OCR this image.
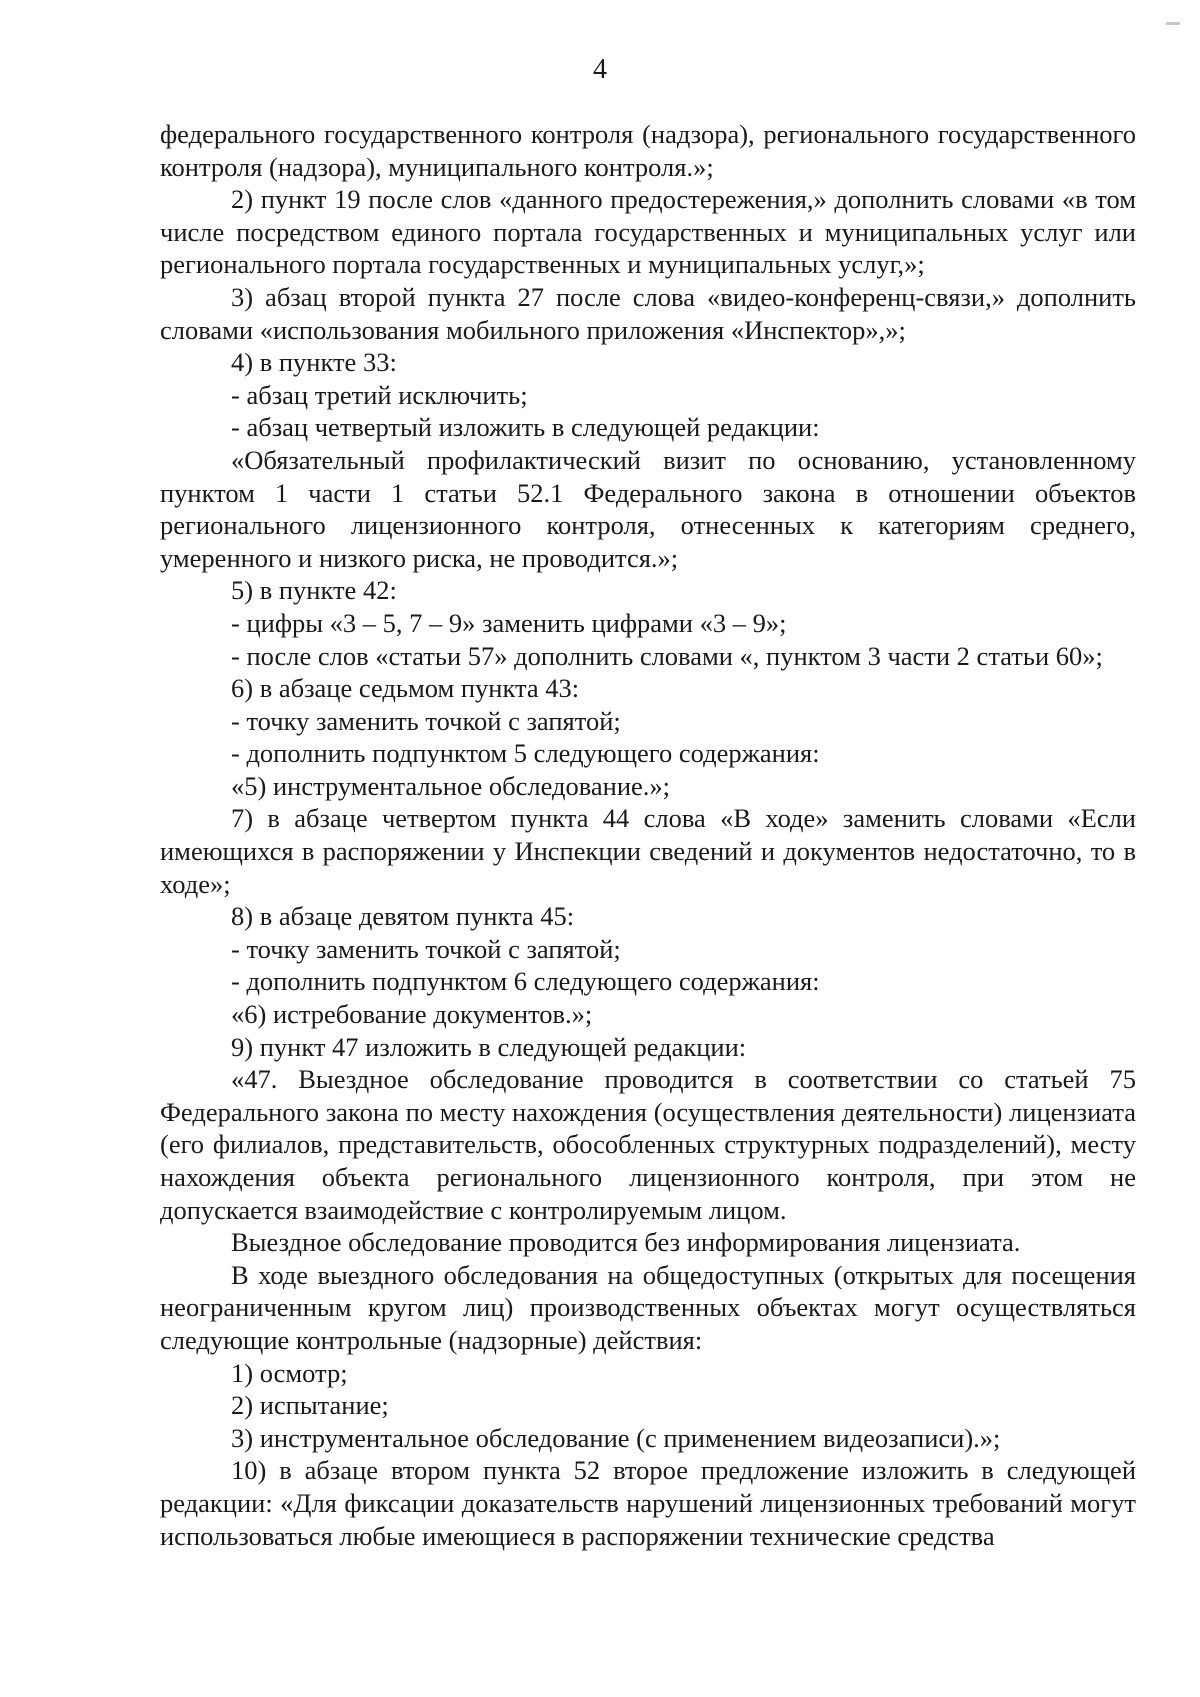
4

федерального государственного контроля (надзора), регионального государственного контроля (надзора), муниципального контроля.»;

2) пункт 19 после слов «данного предостережения,» дополнить словами «в том числе посредством единого портала государственных и муниципальных услуг или регионального портала государственных и муниципальных услуг,»;

3) абзац второй пункта 27 после слова «видео-конференц-связи,» дополнить словами «использования мобильного приложения «Инспектор»,»;

4) в пункте 33:

- абзац третий исключить;

- абзац четвертый изложить в следующей редакции:

«Обязательный профилактический визит по основанию, установленному пунктом 1 части 1 статьи 52.1 Федерального закона в отношении объектов регионального лицензионного контроля, отнесенных к категориям среднего, умеренного и низкого риска, не проводится.»;

5) в пункте 42:

- цифры «3 – 5, 7 – 9» заменить цифрами «3 – 9»;

- после слов «статьи 57» дополнить словами «, пунктом 3 части 2 статьи 60»;

6) в абзаце седьмом пункта 43:

- точку заменить точкой с запятой;

- дополнить подпунктом 5 следующего содержания:

«5) инструментальное обследование.»;

7) в абзаце четвертом пункта 44 слова «В ходе» заменить словами «Если имеющихся в распоряжении у Инспекции сведений и документов недостаточно, то в ходе»;

8) в абзаце девятом пункта 45:

- точку заменить точкой с запятой;

- дополнить подпунктом 6 следующего содержания:

«6) истребование документов.»;

9) пункт 47 изложить в следующей редакции:

«47. Выездное обследование проводится в соответствии со статьей 75 Федерального закона по месту нахождения (осуществления деятельности) лицензиата (его филиалов, представительств, обособленных структурных подразделений), месту нахождения объекта регионального лицензионного контроля, при этом не допускается взаимодействие с контролируемым лицом.

Выездное обследование проводится без информирования лицензиата.

В ходе выездного обследования на общедоступных (открытых для посещения неограниченным кругом лиц) производственных объектах могут осуществляться следующие контрольные (надзорные) действия:

1) осмотр;

2) испытание;

3) инструментальное обследование (с применением видеозаписи).»;

10) в абзаце втором пункта 52 второе предложение изложить в следующей редакции: «Для фиксации доказательств нарушений лицензионных требований могут использоваться любые имеющиеся в распоряжении технические средства
